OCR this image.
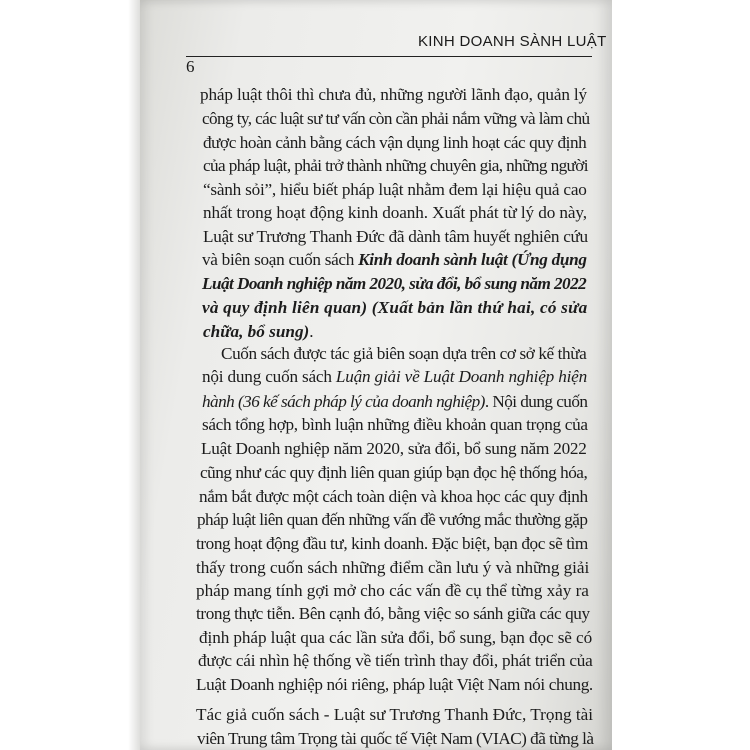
KINH DOANH SÀNH LUẬT
6
pháp luật thôi thì chưa đủ, những người lãnh đạo, quản lý
công ty, các luật sư tư vấn còn cần phải nắm vững và làm chủ
được hoàn cảnh bằng cách vận dụng linh hoạt các quy định
của pháp luật, phải trở thành những chuyên gia, những người
“sành sỏi”, hiểu biết pháp luật nhằm đem lại hiệu quả cao
nhất trong hoạt động kinh doanh. Xuất phát từ lý do này,
Luật sư Trương Thanh Đức đã dành tâm huyết nghiên cứu
và biên soạn cuốn sách Kinh doanh sành luật (Ứng dụng
Luật Doanh nghiệp năm 2020, sửa đổi, bổ sung năm 2022
và quy định liên quan) (Xuất bản lần thứ hai, có sửa
chữa, bổ sung).
Cuốn sách được tác giả biên soạn dựa trên cơ sở kế thừa
nội dung cuốn sách Luận giải về Luật Doanh nghiệp hiện
hành (36 kế sách pháp lý của doanh nghiệp). Nội dung cuốn
sách tổng hợp, bình luận những điều khoản quan trọng của
Luật Doanh nghiệp năm 2020, sửa đổi, bổ sung năm 2022
cũng như các quy định liên quan giúp bạn đọc hệ thống hóa,
nắm bắt được một cách toàn diện và khoa học các quy định
pháp luật liên quan đến những vấn đề vướng mắc thường gặp
trong hoạt động đầu tư, kinh doanh. Đặc biệt, bạn đọc sẽ tìm
thấy trong cuốn sách những điểm cần lưu ý và những giải
pháp mang tính gợi mở cho các vấn đề cụ thể từng xảy ra
trong thực tiễn. Bên cạnh đó, bằng việc so sánh giữa các quy
định pháp luật qua các lần sửa đổi, bổ sung, bạn đọc sẽ có
được cái nhìn hệ thống về tiến trình thay đổi, phát triển của
Luật Doanh nghiệp nói riêng, pháp luật Việt Nam nói chung.
Tác giả cuốn sách - Luật sư Trương Thanh Đức, Trọng tài
viên Trung tâm Trọng tài quốc tế Việt Nam (VIAC) đã từng là
